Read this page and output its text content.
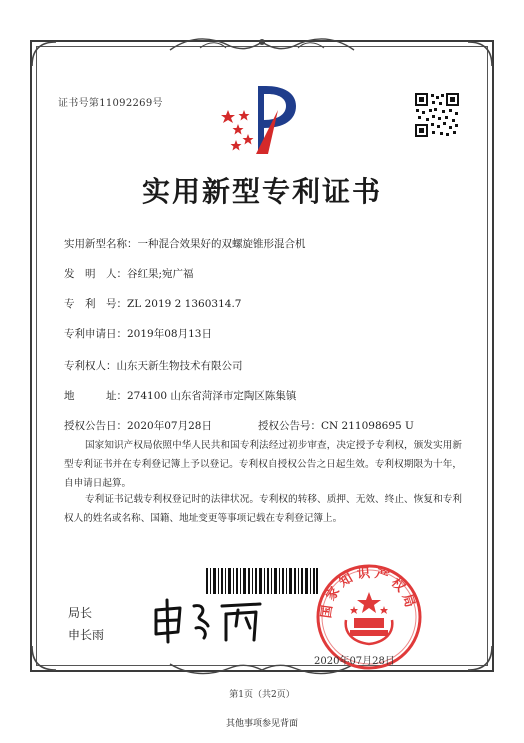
证书号第11092269号
实用新型专利证书
实用新型名称：一种混合效果好的双螺旋锥形混合机
发　明　人：谷红果;宛广福
专　利　号：ZL 2019 2 1360314.7
专利申请日：2019年08月13日
专利权人：山东天新生物技术有限公司
地　　　址：274100 山东省菏泽市定陶区陈集镇
授权公告日：2020年07月28日	授权公告号：CN 211098695 U
国家知识产权局依照中华人民共和国专利法经过初步审查，决定授予专利权，颁发实用新型专利证书并在专利登记簿上予以登记。专利权自授权公告之日起生效。专利权期限为十年，自申请日起算。
专利证书记载专利权登记时的法律状况。专利权的转移、质押、无效、终止、恢复和专利权人的姓名或名称、国籍、地址变更等事项记载在专利登记簿上。
局长
申长雨
国家知识产权局
2020年07月28日
第1页（共2页）
其他事项参见背面
